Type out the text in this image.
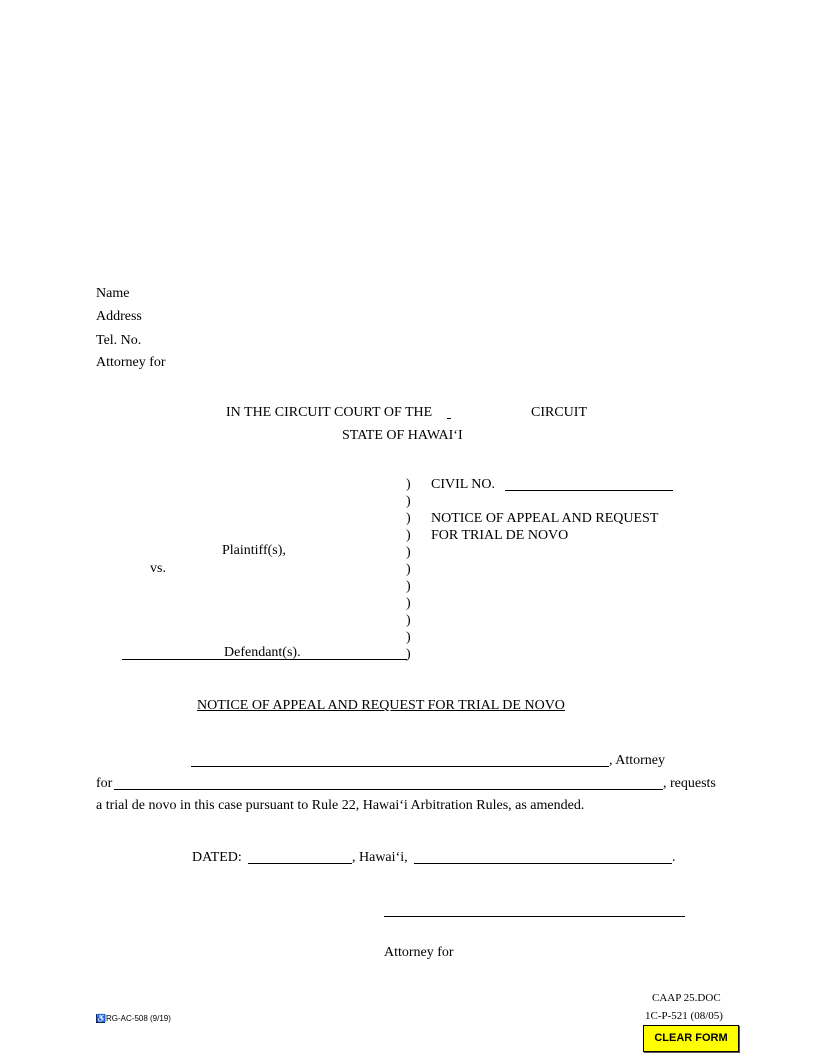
Name
Address
Tel. No.
Attorney for
IN THE CIRCUIT COURT OF THE	CIRCUIT
STATE OF HAWAI‘I
)
)
)
)
)
)
)
)
)
)
)
CIVIL NO.
NOTICE OF APPEAL AND REQUEST
FOR TRIAL DE NOVO
Plaintiff(s),
vs.
Defendant(s).
NOTICE OF APPEAL AND REQUEST FOR TRIAL DE NOVO
, Attorney
for	, requests
a trial de novo in this case pursuant to Rule 22, Hawai‘i Arbitration Rules, as amended.
DATED:	, Hawai‘i,	.
Attorney for
♿RG-AC-508 (9/19)
CAAP 25.DOC
1C-P-521 (08/05)
CLEAR FORM
